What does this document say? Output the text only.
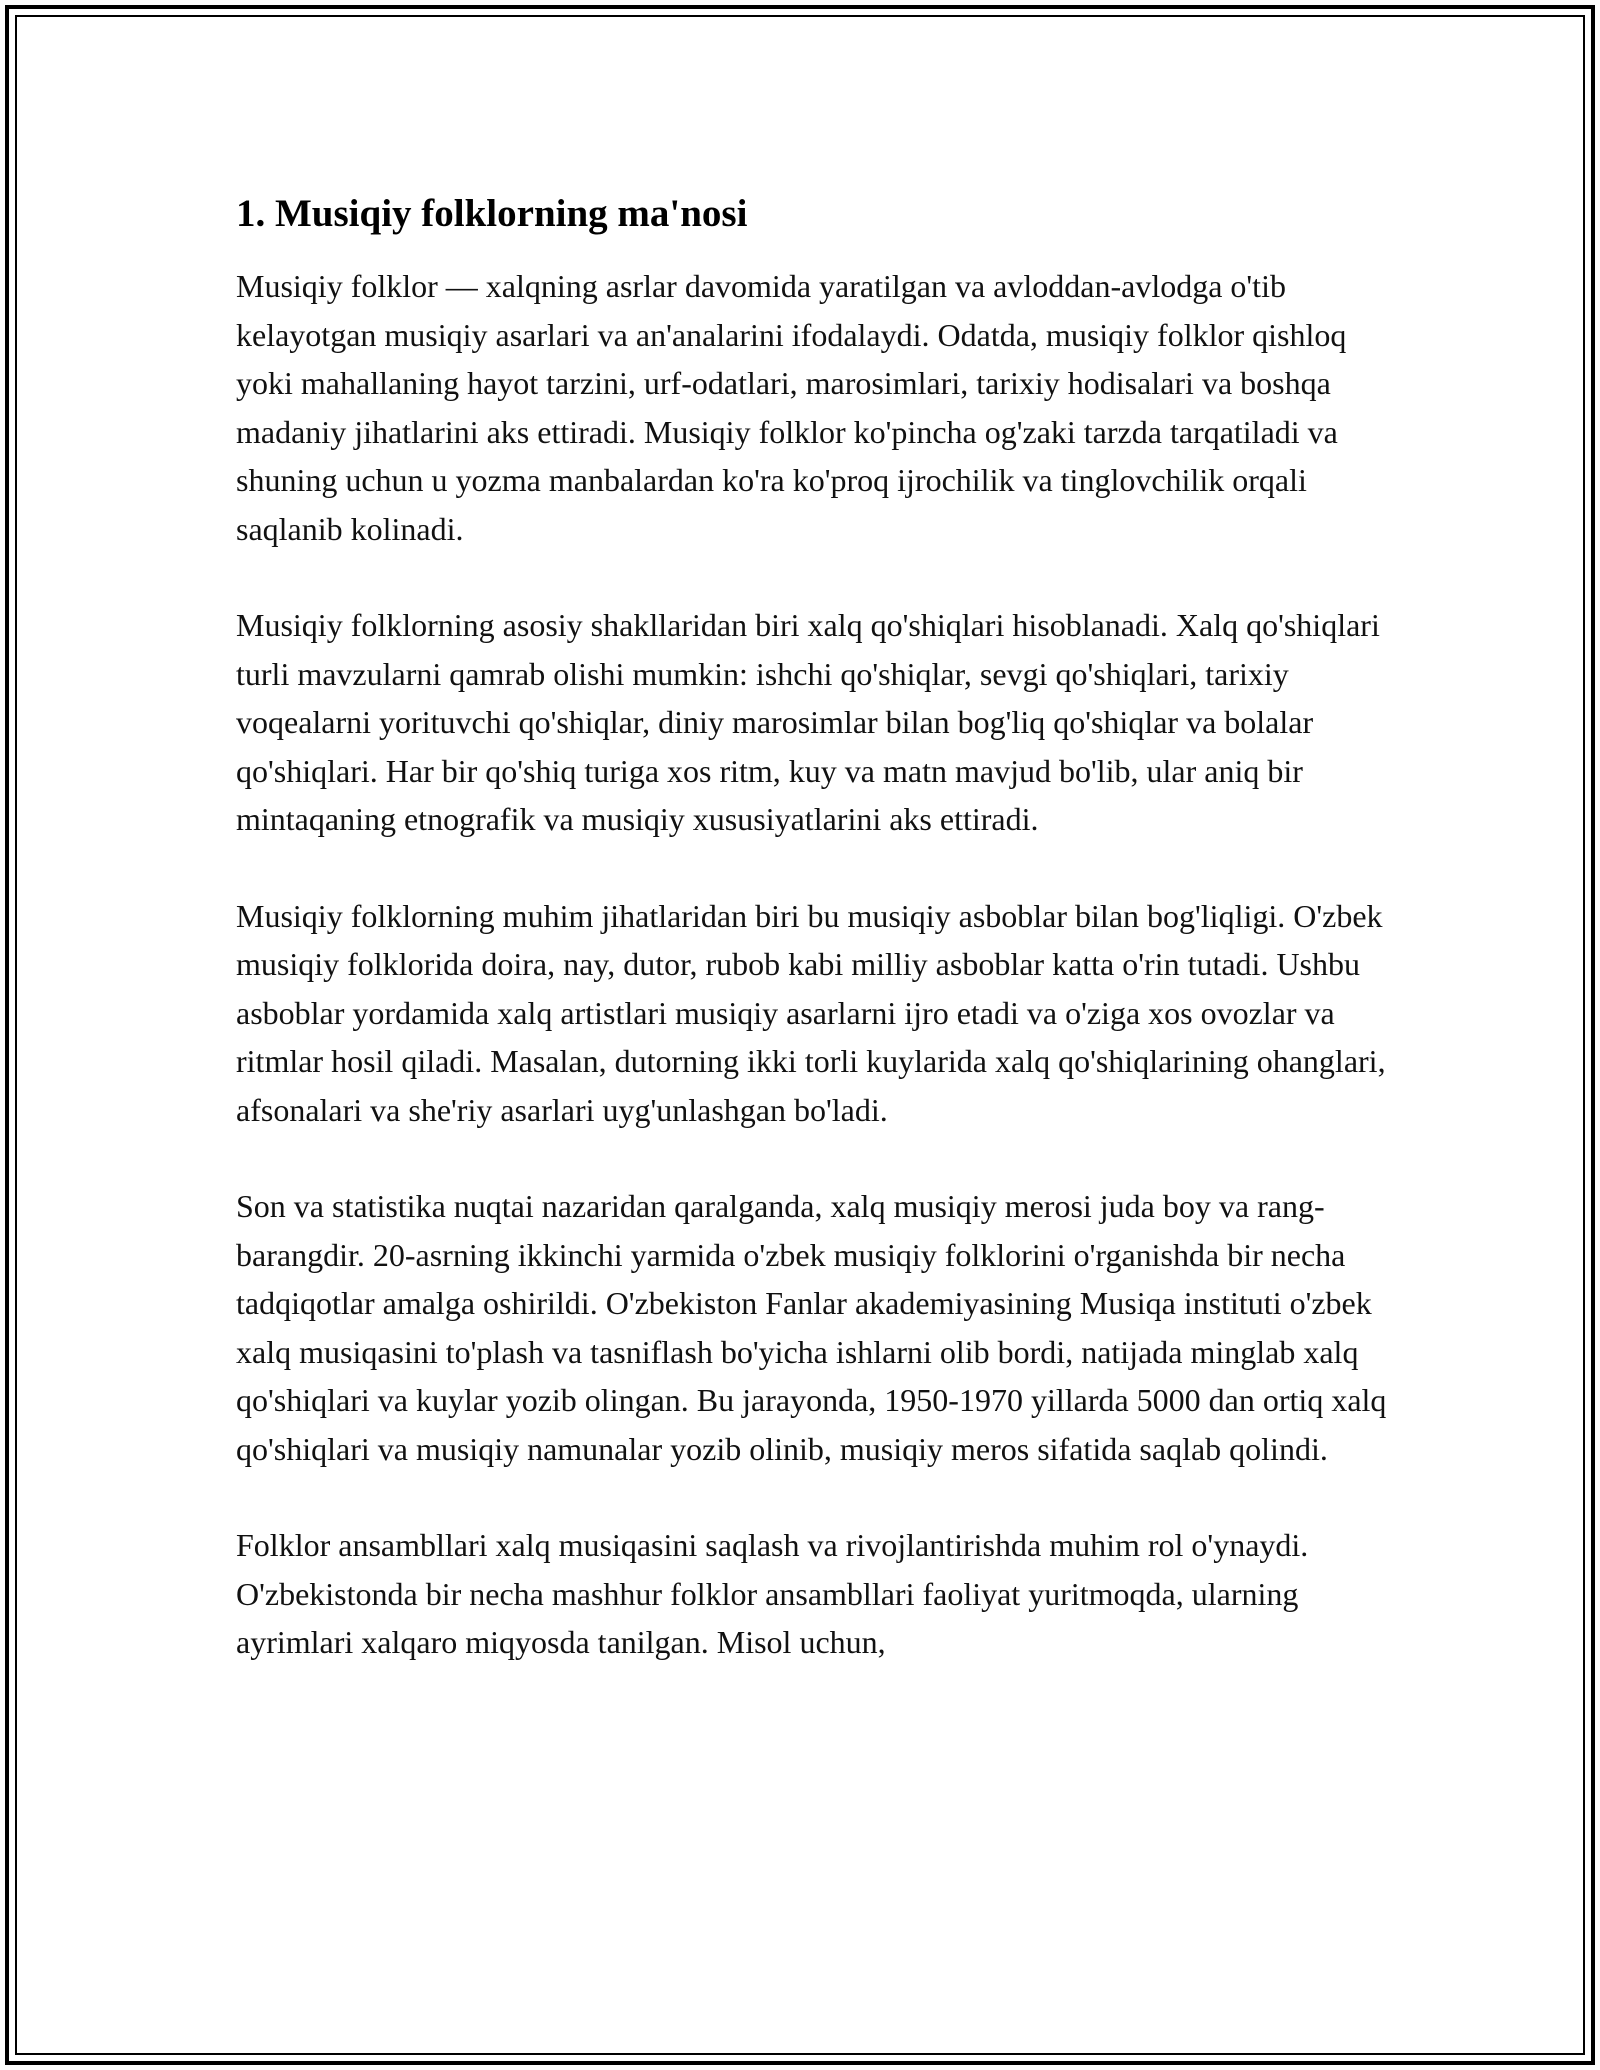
1. Musiqiy folklorning ma'nosi

Musiqiy folklor — xalqning asrlar davomida yaratilgan va avloddan-avlodga o'tib kelayotgan musiqiy asarlari va an'analarini ifodalaydi. Odatda, musiqiy folklor qishloq yoki mahallaning hayot tarzini, urf-odatlari, marosimlari, tarixiy hodisalari va boshqa madaniy jihatlarini aks ettiradi. Musiqiy folklor ko'pincha og'zaki tarzda tarqatiladi va shuning uchun u yozma manbalardan ko'ra ko'proq ijrochilik va tinglovchilik orqali saqlanib kolinadi.

Musiqiy folklorning asosiy shakllaridan biri xalq qo'shiqlari hisoblanadi. Xalq qo'shiqlari turli mavzularni qamrab olishi mumkin: ishchi qo'shiqlar, sevgi qo'shiqlari, tarixiy voqealarni yorituvchi qo'shiqlar, diniy marosimlar bilan bog'liq qo'shiqlar va bolalar qo'shiqlari. Har bir qo'shiq turiga xos ritm, kuy va matn mavjud bo'lib, ular aniq bir mintaqaning etnografik va musiqiy xususiyatlarini aks ettiradi.

Musiqiy folklorning muhim jihatlaridan biri bu musiqiy asboblar bilan bog'liqligi. O'zbek musiqiy folklorida doira, nay, dutor, rubob kabi milliy asboblar katta o'rin tutadi. Ushbu asboblar yordamida xalq artistlari musiqiy asarlarni ijro etadi va o'ziga xos ovozlar va ritmlar hosil qiladi. Masalan, dutorning ikki torli kuylarida xalq qo'shiqlarining ohanglari, afsonalari va she'riy asarlari uyg'unlashgan bo'ladi.

Son va statistika nuqtai nazaridan qaralganda, xalq musiqiy merosi juda boy va rang-barangdir. 20-asrning ikkinchi yarmida o'zbek musiqiy folklorini o'rganishda bir necha tadqiqotlar amalga oshirildi. O'zbekiston Fanlar akademiyasining Musiqa instituti o'zbek xalq musiqasini to'plash va tasniflash bo'yicha ishlarni olib bordi, natijada minglab xalq qo'shiqlari va kuylar yozib olingan. Bu jarayonda, 1950-1970 yillarda 5000 dan ortiq xalq qo'shiqlari va musiqiy namunalar yozib olinib, musiqiy meros sifatida saqlab qolindi.

Folklor ansambllari xalq musiqasini saqlash va rivojlantirishda muhim rol o'ynaydi. O'zbekistonda bir necha mashhur folklor ansambllari faoliyat yuritmoqda, ularning ayrimlari xalqaro miqyosda tanilgan. Misol uchun,
